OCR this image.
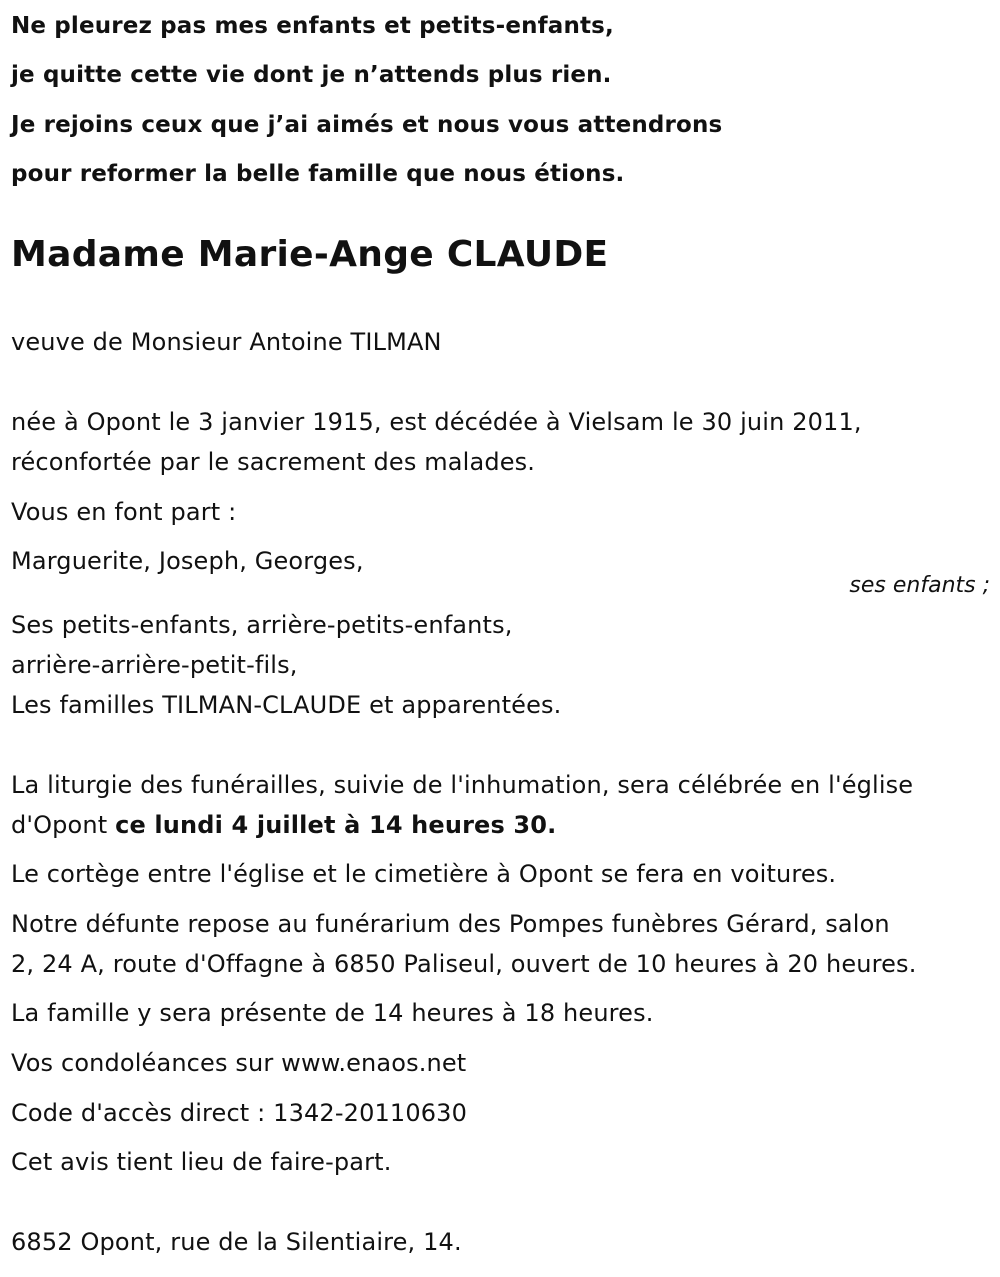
Ne pleurez pas mes enfants et petits-enfants,
je quitte cette vie dont je n’attends plus rien.
Je rejoins ceux que j’ai aimés et nous vous attendrons
pour reformer la belle famille que nous étions.
Madame Marie-Ange CLAUDE
veuve de Monsieur Antoine TILMAN
née à Opont le 3 janvier 1915, est décédée à Vielsam le 30 juin 2011,
réconfortée par le sacrement des malades.
Vous en font part :
Marguerite, Joseph, Georges,
ses enfants ;
Ses petits-enfants, arrière-petits-enfants,
arrière-arrière-petit-fils,
Les familles TILMAN-CLAUDE et apparentées.
La liturgie des funérailles, suivie de l'inhumation, sera célébrée en l'église
d'Opont ce lundi 4 juillet à 14 heures 30.
Le cortège entre l'église et le cimetière à Opont se fera en voitures.
Notre défunte repose au funérarium des Pompes funèbres Gérard, salon
2, 24 A, route d'Offagne à 6850 Paliseul, ouvert de 10 heures à 20 heures.
La famille y sera présente de 14 heures à 18 heures.
Vos condoléances sur www.enaos.net
Code d'accès direct : 1342-20110630
Cet avis tient lieu de faire-part.
6852 Opont, rue de la Silentiaire, 14.
